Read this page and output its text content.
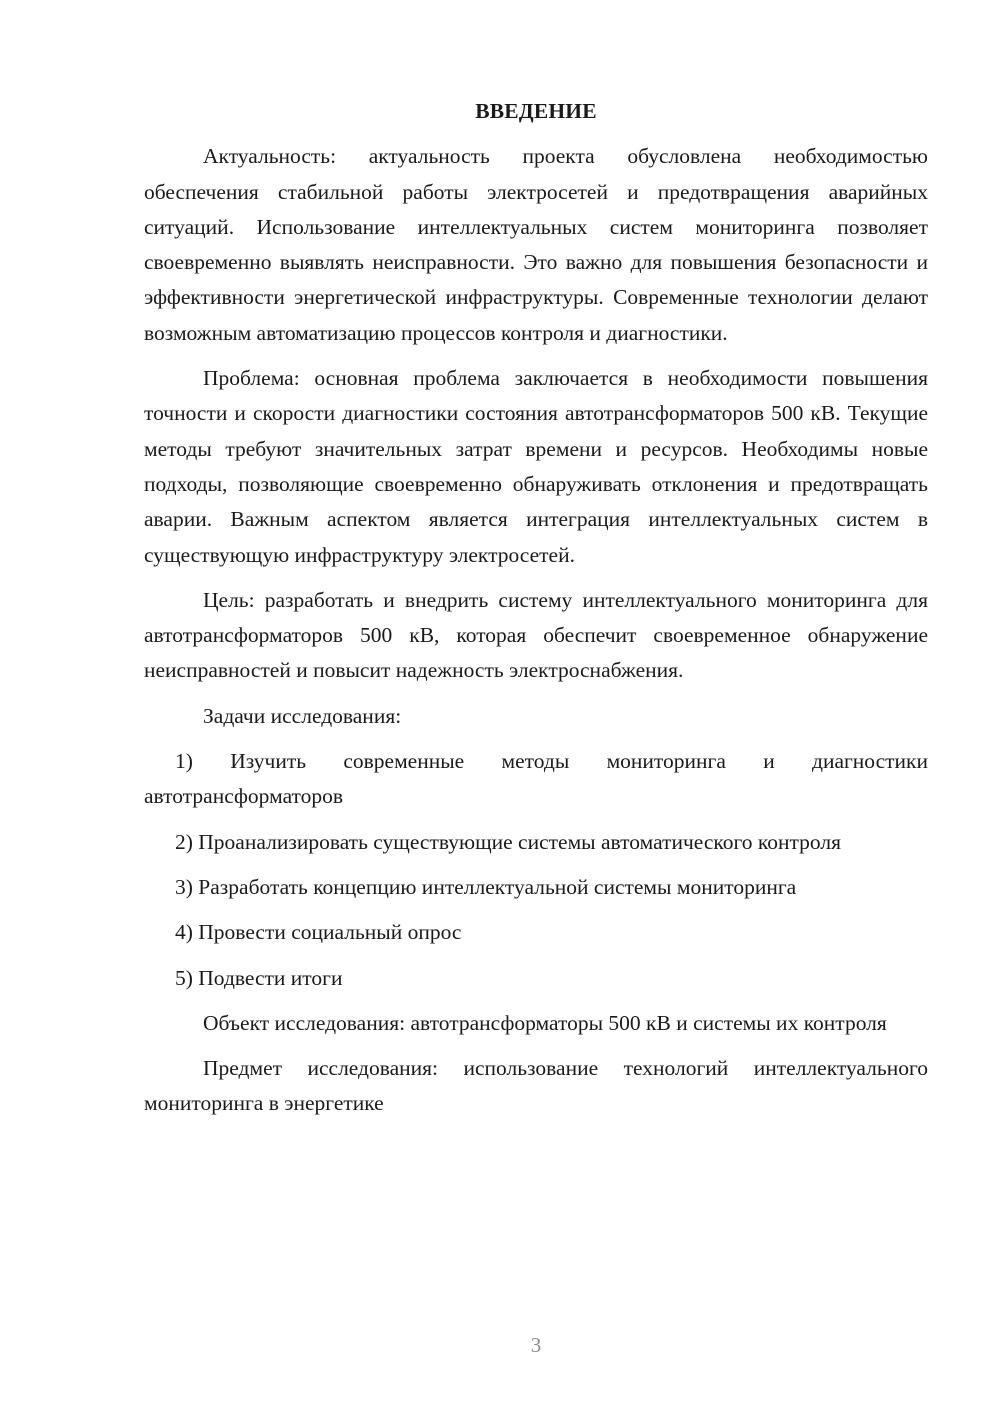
ВВЕДЕНИЕ

Актуальность: актуальность проекта обусловлена необходимостью обеспечения стабильной работы электросетей и предотвращения аварийных ситуаций. Использование интеллектуальных систем мониторинга позволяет своевременно выявлять неисправности. Это важно для повышения безопасности и эффективности энергетической инфраструктуры. Современные технологии делают возможным автоматизацию процессов контроля и диагностики.

Проблема: основная проблема заключается в необходимости повышения точности и скорости диагностики состояния автотрансформаторов 500 кВ. Текущие методы требуют значительных затрат времени и ресурсов. Необходимы новые подходы, позволяющие своевременно обнаруживать отклонения и предотвращать аварии. Важным аспектом является интеграция интеллектуальных систем в существующую инфраструктуру электросетей.

Цель: разработать и внедрить систему интеллектуального мониторинга для автотрансформаторов 500 кВ, которая обеспечит своевременное обнаружение неисправностей и повысит надежность электроснабжения.

Задачи исследования:

1) Изучить современные методы мониторинга и диагностики автотрансформаторов

2) Проанализировать существующие системы автоматического контроля

3) Разработать концепцию интеллектуальной системы мониторинга

4) Провести социальный опрос

5) Подвести итоги

Объект исследования: автотрансформаторы 500 кВ и системы их контроля

Предмет исследования: использование технологий интеллектуального мониторинга в энергетике

3
